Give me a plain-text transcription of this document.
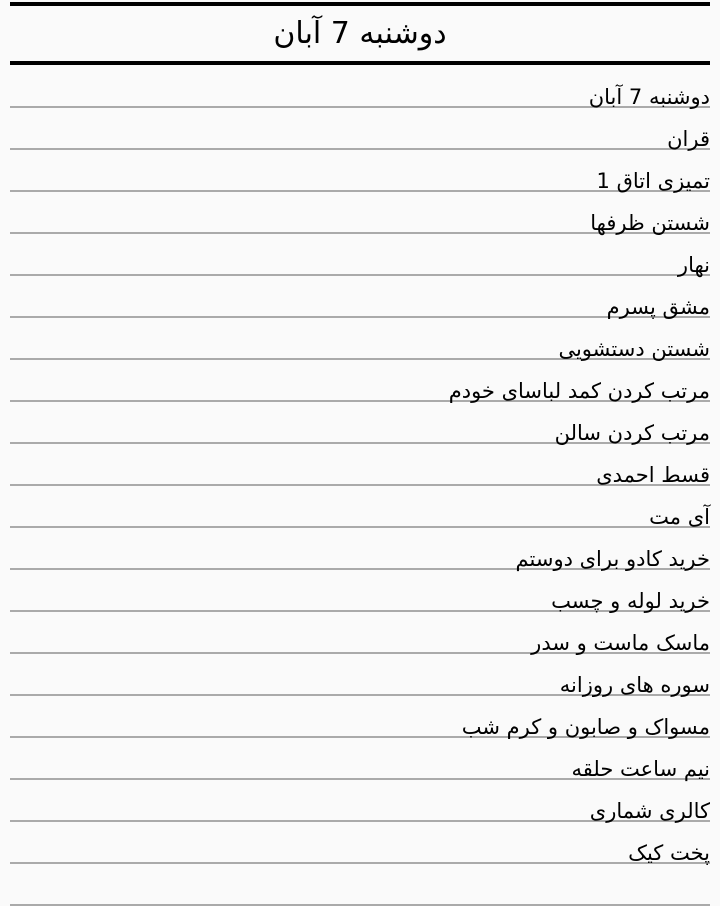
دوشنبه 7 آبان
دوشنبه 7 آبان
قران
تمیزی اتاق 1
شستن ظرفها
نهار
مشق پسرم
شستن دستشویی
مرتب کردن کمد لباسای خودم
مرتب کردن سالن
قسط احمدی
آی مت
خرید کادو برای دوستم
خرید لوله و چسب
ماسک ماست و سدر
سوره های روزانه
مسواک و صابون و کرم شب
نیم ساعت حلقه
کالری شماری
پخت کیک
